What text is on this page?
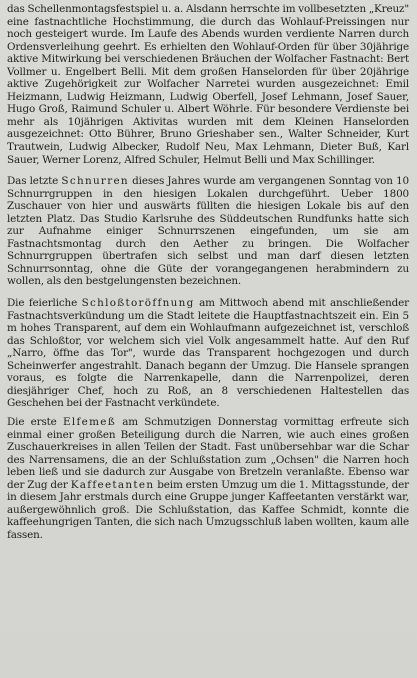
das Schellenmontagsfestspiel u. a. Alsdann herrschte im vollbesetzten „Kreuz" eine fastnachtliche Hochstimmung, die durch das Wohlauf-Preissingen nur noch gesteigert wurde. Im Laufe des Abends wurden verdiente Narren durch Ordensverleihung geehrt. Es erhielten den Wohlauf-Orden für über 30jährige aktive Mitwirkung bei verschiedenen Bräuchen der Wolfacher Fastnacht: Bert Vollmer u. Engelbert Belli. Mit dem großen Hanselorden für über 20jährige aktive Zugehörigkeit zur Wolfacher Narretei wurden ausgezeichnet: Emil Heizmann, Ludwig Heizmann, Ludwig Oberfell, Josef Lehmann, Josef Sauer, Hugo Groß, Raimund Schuler u. Albert Wöhrle. Für besondere Verdienste bei mehr als 10jährigen Aktivitas wurden mit dem Kleinen Hanselorden ausgezeichnet: Otto Bührer, Bruno Grieshaber sen., Walter Schneider, Kurt Trautwein, Ludwig Albecker, Rudolf Neu, Max Lehmann, Dieter Buß, Karl Sauer, Werner Lorenz, Alfred Schuler, Helmut Belli und Max Schillinger.

Das letzte Schnurren dieses Jahres wurde am vergangenen Sonntag von 10 Schnurrgruppen in den hiesigen Lokalen durchgeführt. Ueber 1800 Zuschauer von hier und auswärts füllten die hiesigen Lokale bis auf den letzten Platz. Das Studio Karlsruhe des Süddeutschen Rundfunks hatte sich zur Aufnahme einiger Schnurrszenen eingefunden, um sie am Fastnachtsmontag durch den Aether zu bringen. Die Wolfacher Schnurrgruppen übertrafen sich selbst und man darf diesen letzten Schnurrsonntag, ohne die Güte der vorangegangenen herabmindern zu wollen, als den bestgelungensten bezeichnen.

Die feierliche Schloßtoröffnung am Mittwoch abend mit anschließender Fastnachtsverkündung um die Stadt leitete die Hauptfastnachtszeit ein. Ein 5 m hohes Transparent, auf dem ein Wohlaufmann aufgezeichnet ist, verschloß das Schloßtor, vor welchem sich viel Volk angesammelt hatte. Auf den Ruf „Narro, öffne das Tor", wurde das Transparent hochgezogen und durch Scheinwerfer angestrahlt. Danach begann der Umzug. Die Hansele sprangen voraus, es folgte die Narrenkapelle, dann die Narrenpolizei, deren diesjähriger Chef, hoch zu Roß, an 8 verschiedenen Haltestellen das Geschehen bei der Fastnacht verkündete.

Die erste Elfemeß am Schmutzigen Donnerstag vormittag erfreute sich einmal einer großen Beteiligung durch die Narren, wie auch eines großen Zuschauerkreises in allen Teilen der Stadt. Fast unübersehbar war die Schar des Narrensamens, die an der Schlußstation zum „Ochsen" die Narren hoch leben ließ und sie dadurch zur Ausgabe von Bretzeln veranlaßte. Ebenso war der Zug der Kaffeetanten beim ersten Umzug um die 1. Mittagsstunde, der in diesem Jahr erstmals durch eine Gruppe junger Kaffeetanten verstärkt war, außergewöhnlich groß. Die Schlußstation, das Kaffee Schmidt, konnte die kaffeehungrigen Tanten, die sich nach Umzugsschluß laben wollten, kaum alle fassen.
